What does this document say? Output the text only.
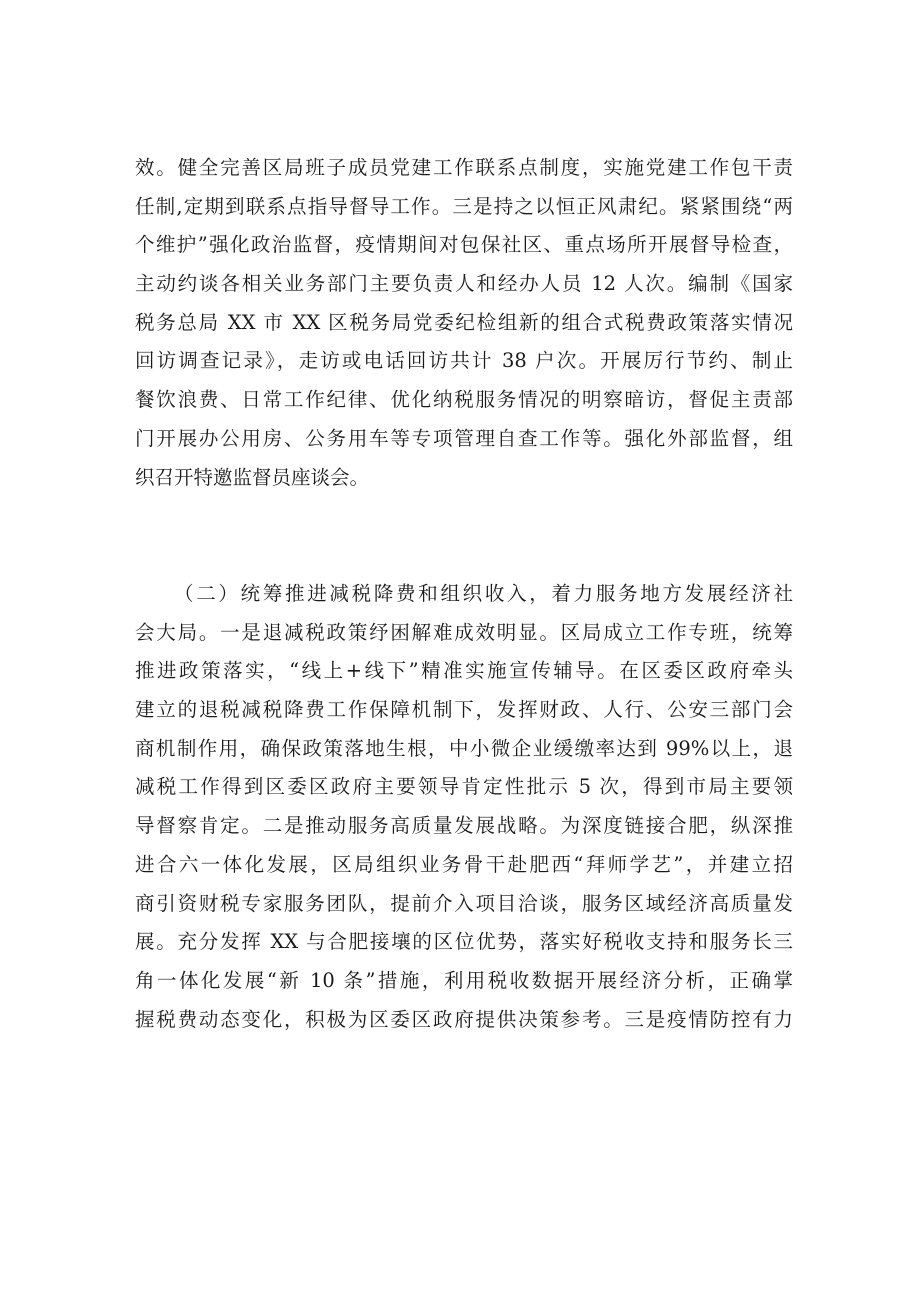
效。健全完善区局班子成员党建工作联系点制度，实施党建工作包干责
任制,定期到联系点指导督导工作。三是持之以恒正风肃纪。紧紧围绕“两
个维护”强化政治监督，疫情期间对包保社区、重点场所开展督导检查，
主动约谈各相关业务部门主要负责人和经办人员 12 人次。编制《国家
税务总局 XX 市 XX 区税务局党委纪检组新的组合式税费政策落实情况
回访调查记录》，走访或电话回访共计 38 户次。开展厉行节约、制止
餐饮浪费、日常工作纪律、优化纳税服务情况的明察暗访，督促主责部
门开展办公用房、公务用车等专项管理自查工作等。强化外部监督，组
织召开特邀监督员座谈会。
（二）统筹推进减税降费和组织收入，着力服务地方发展经济社
会大局。一是退减税政策纾困解难成效明显。区局成立工作专班，统筹
推进政策落实，“线上+线下”精准实施宣传辅导。在区委区政府牵头
建立的退税减税降费工作保障机制下，发挥财政、人行、公安三部门会
商机制作用，确保政策落地生根，中小微企业缓缴率达到 99%以上，退
减税工作得到区委区政府主要领导肯定性批示 5 次，得到市局主要领
导督察肯定。二是推动服务高质量发展战略。为深度链接合肥，纵深推
进合六一体化发展，区局组织业务骨干赴肥西“拜师学艺”，并建立招
商引资财税专家服务团队，提前介入项目洽谈，服务区域经济高质量发
展。充分发挥 XX 与合肥接壤的区位优势，落实好税收支持和服务长三
角一体化发展“新 10 条”措施，利用税收数据开展经济分析，正确掌
握税费动态变化，积极为区委区政府提供决策参考。三是疫情防控有力
